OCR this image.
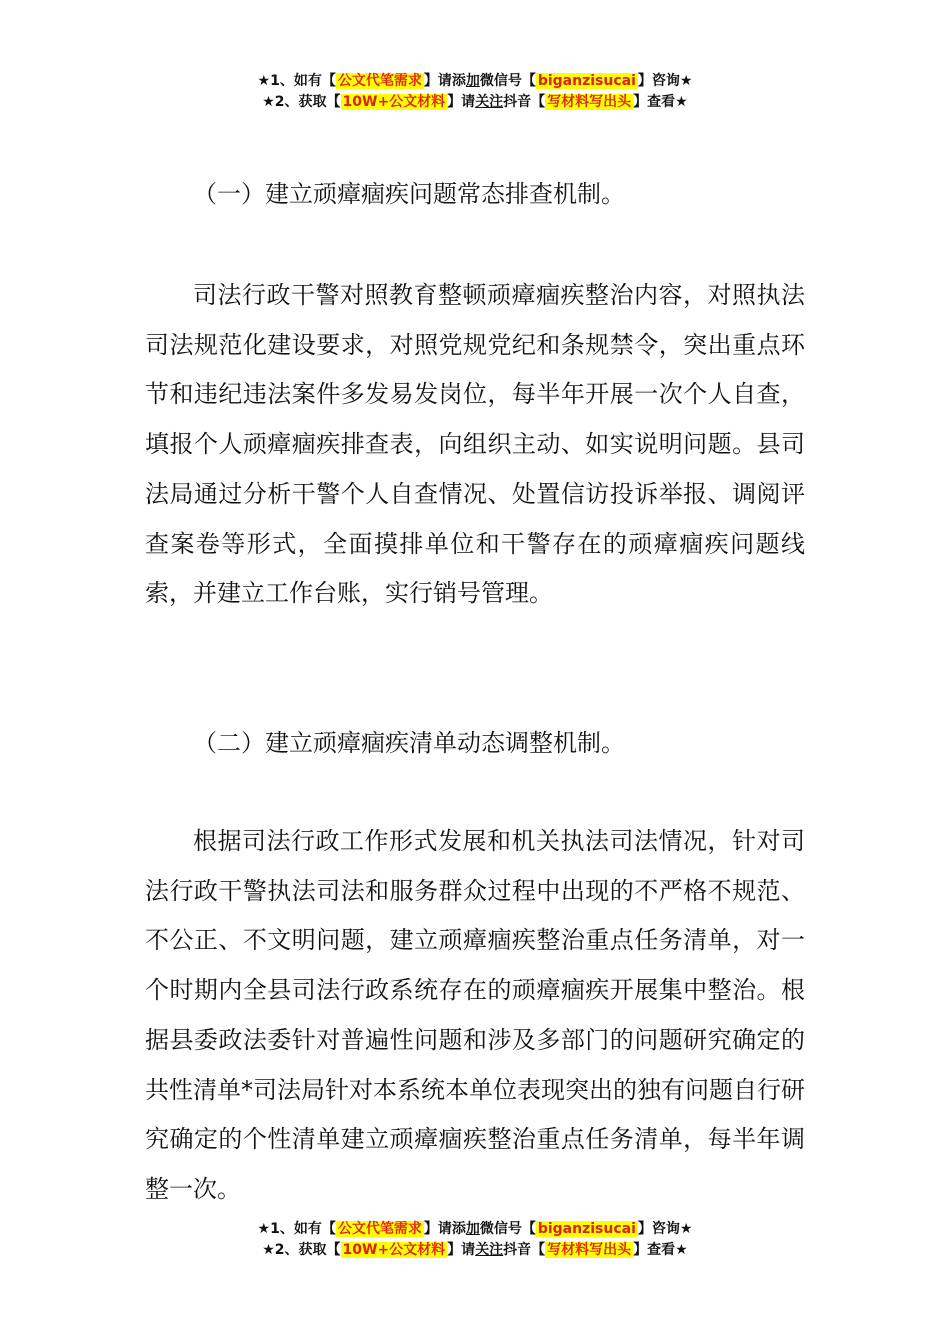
★1、如有【 公文代笔需求 】请添加微信号【 biganzisucai 】咨询★
★2、获取【 10W+公文材料 】请关注抖音【 写材料写出头 】查看★
（一）建立顽瘴痼疾问题常态排查机制。
司法行政干警对照教育整顿顽瘴痼疾整治内容，对照执法司法规范化建设要求，对照党规党纪和条规禁令，突出重点环节和违纪违法案件多发易发岗位，每半年开展一次个人自查，填报个人顽瘴痼疾排查表，向组织主动、如实说明问题。县司法局通过分析干警个人自查情况、处置信访投诉举报、调阅评查案卷等形式，全面摸排单位和干警存在的顽瘴痼疾问题线索，并建立工作台账，实行销号管理。
（二）建立顽瘴痼疾清单动态调整机制。
根据司法行政工作形式发展和机关执法司法情况，针对司法行政干警执法司法和服务群众过程中出现的不严格不规范、不公正、不文明问题，建立顽瘴痼疾整治重点任务清单，对一个时期内全县司法行政系统存在的顽瘴痼疾开展集中整治。根据县委政法委针对普遍性问题和涉及多部门的问题研究确定的共性清单*司法局针对本系统本单位表现突出的独有问题自行研究确定的个性清单建立顽瘴痼疾整治重点任务清单，每半年调整一次。
★1、如有【 公文代笔需求 】请添加微信号【 biganzisucai 】咨询★
★2、获取【 10W+公文材料 】请关注抖音【 写材料写出头 】查看★
